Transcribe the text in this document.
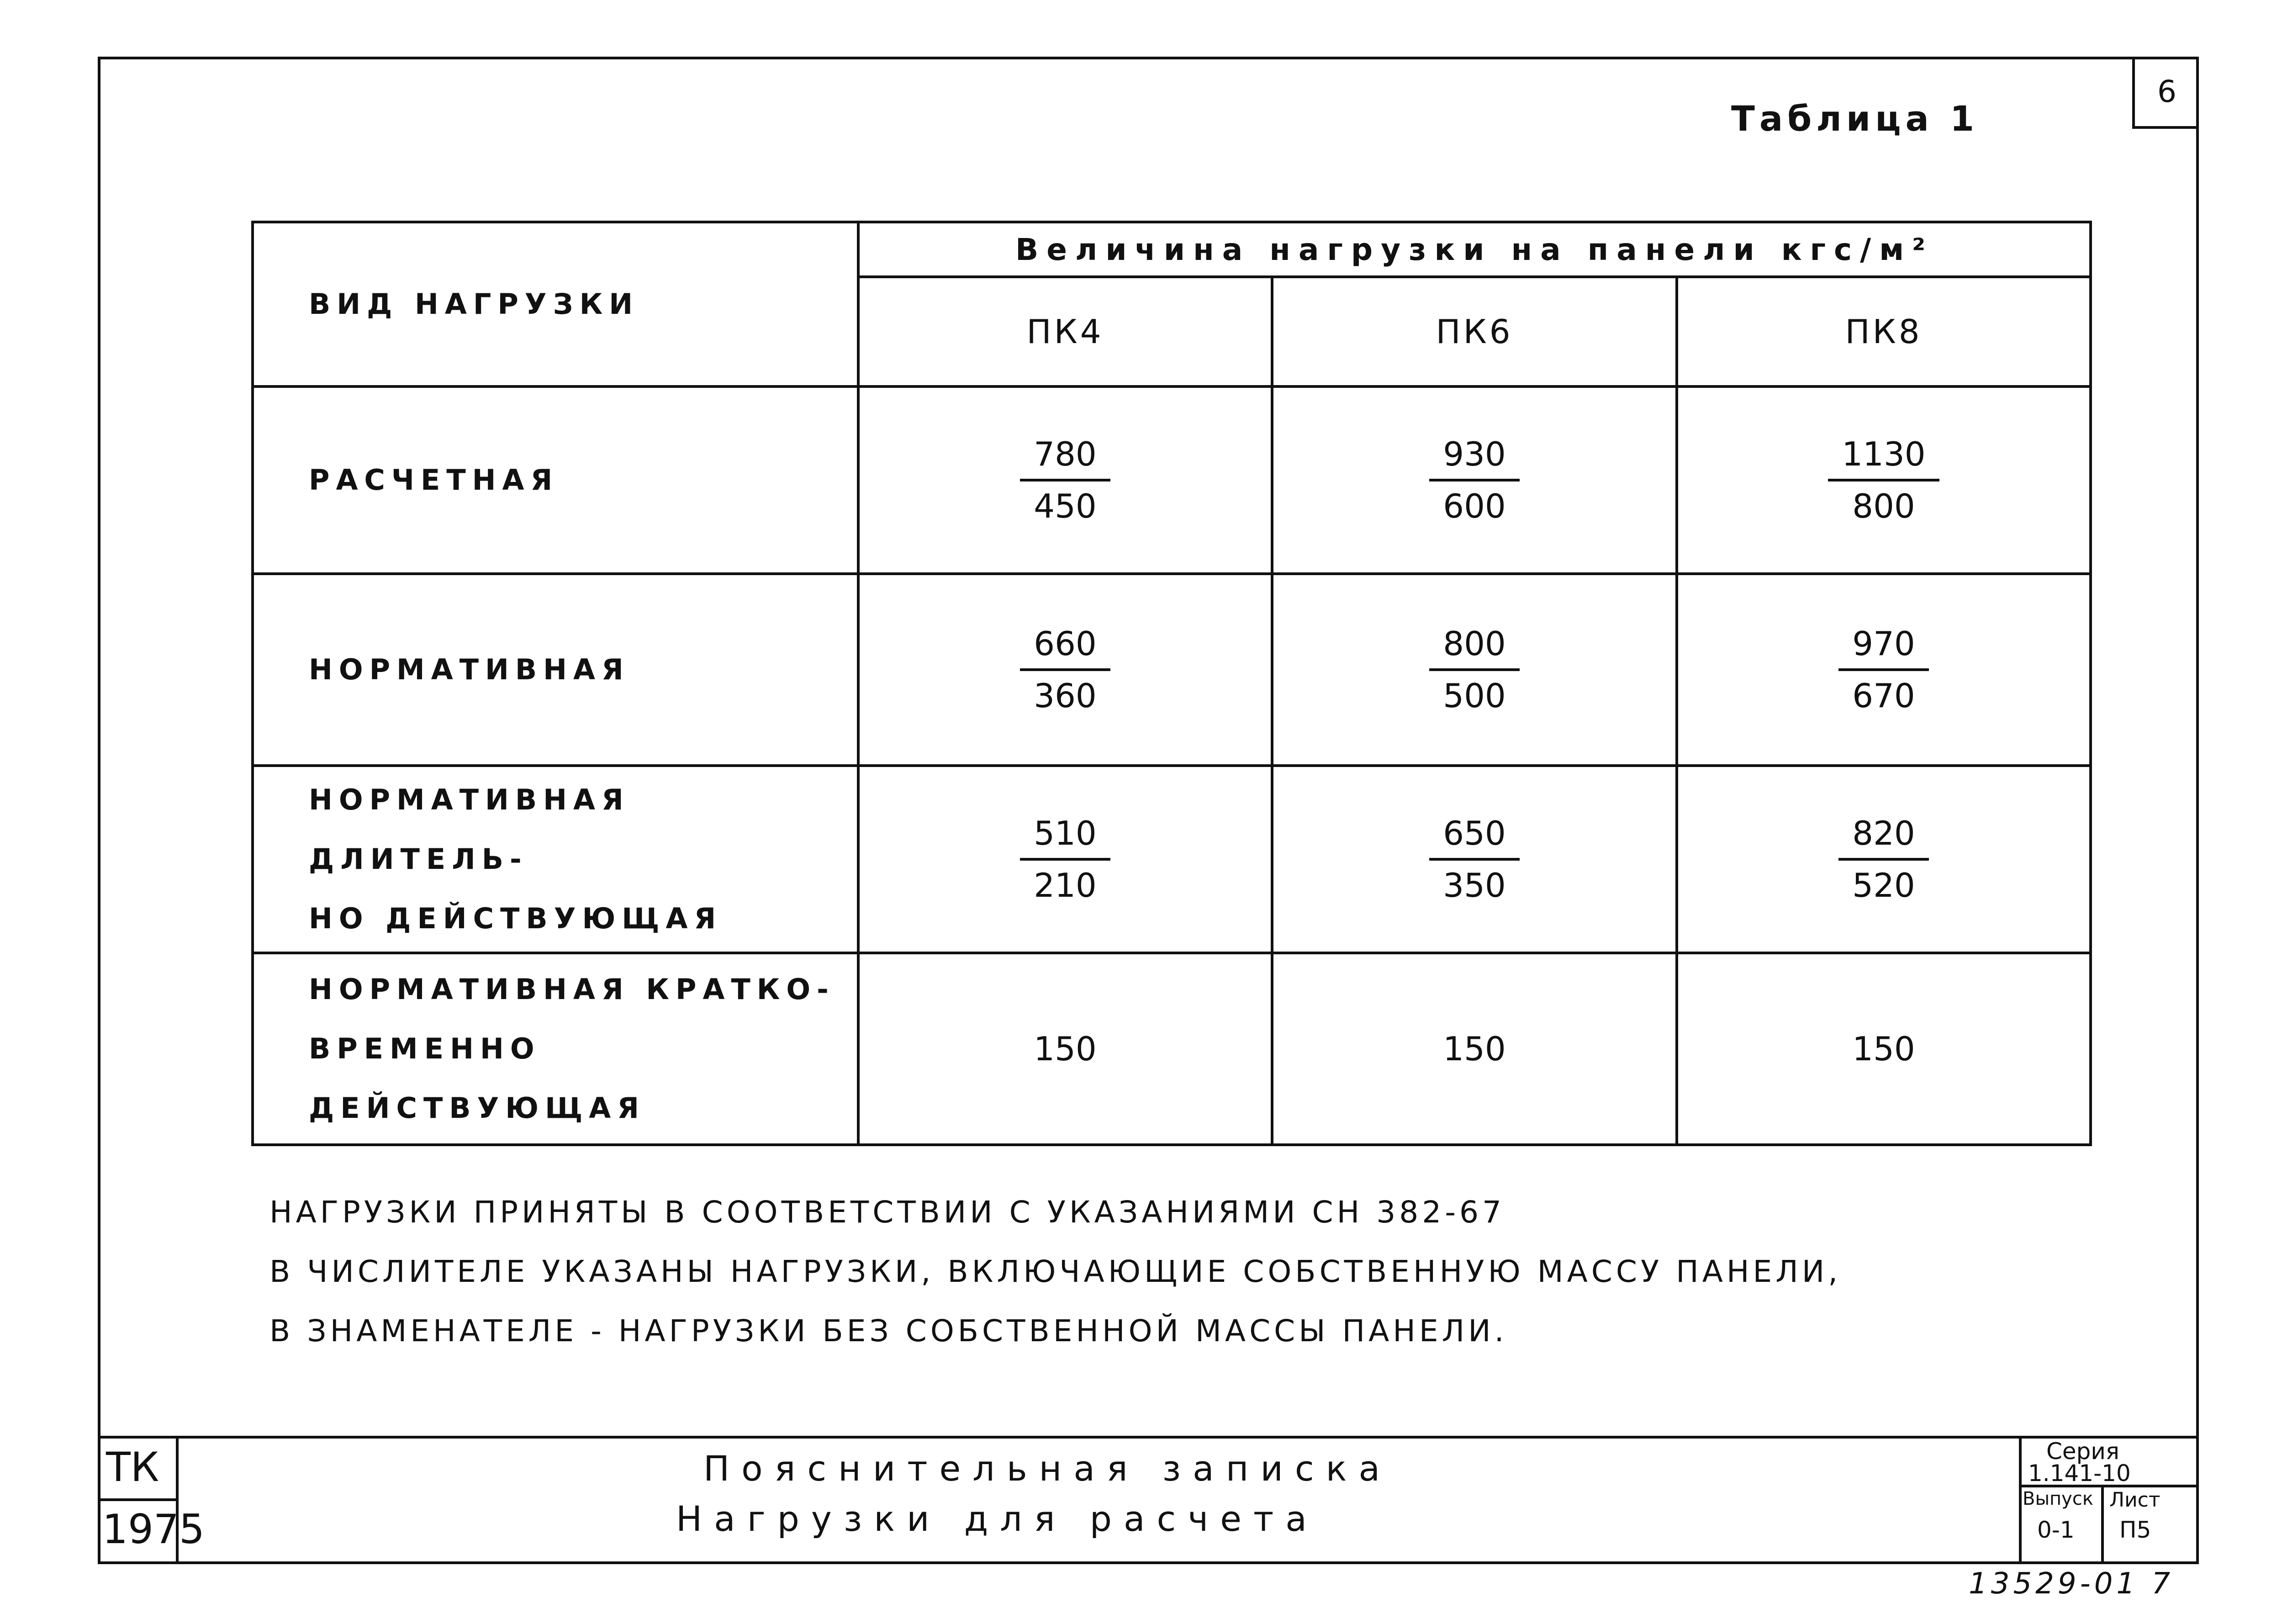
6
Таблица 1
ВИД НАГРУЗКИ	Величина нагрузки на панели кгс/м²		
	ПК4	ПК6	ПК8
РАСЧЕТНАЯ	$\frac{780}{450}$	$\frac{930}{600}$	$\frac{1130}{800}$

НОРМАТИВНАЯ	$\frac{660}{360}$	$\frac{800}{500}$	$\frac{970}{670}$

НОРМАТИВНАЯ ДЛИТЕЛЬ-
НО ДЕЙСТВУЮЩАЯ	$\frac{510}{210}$	$\frac{650}{350}$	$\frac{820}{520}$

НОРМАТИВНАЯ КРАТКО-
ВРЕМЕННО ДЕЙСТВУЮЩАЯ	150	150	150
НАГРУЗКИ ПРИНЯТЫ В СООТВЕТСТВИИ С УКАЗАНИЯМИ СН 382-67
В ЧИСЛИТЕЛЕ УКАЗАНЫ НАГРУЗКИ, ВКЛЮЧАЮЩИЕ СОБСТВЕННУЮ МАССУ ПАНЕЛИ,
В ЗНАМЕНАТЕЛЕ - НАГРУЗКИ БЕЗ СОБСТВЕННОЙ МАССЫ ПАНЕЛИ.
ТК
1975
Пояснительная записка
Нагрузки для расчета
Серия
1.141-10
Выпуск
0-1
Лист
П5
13529-01 7
